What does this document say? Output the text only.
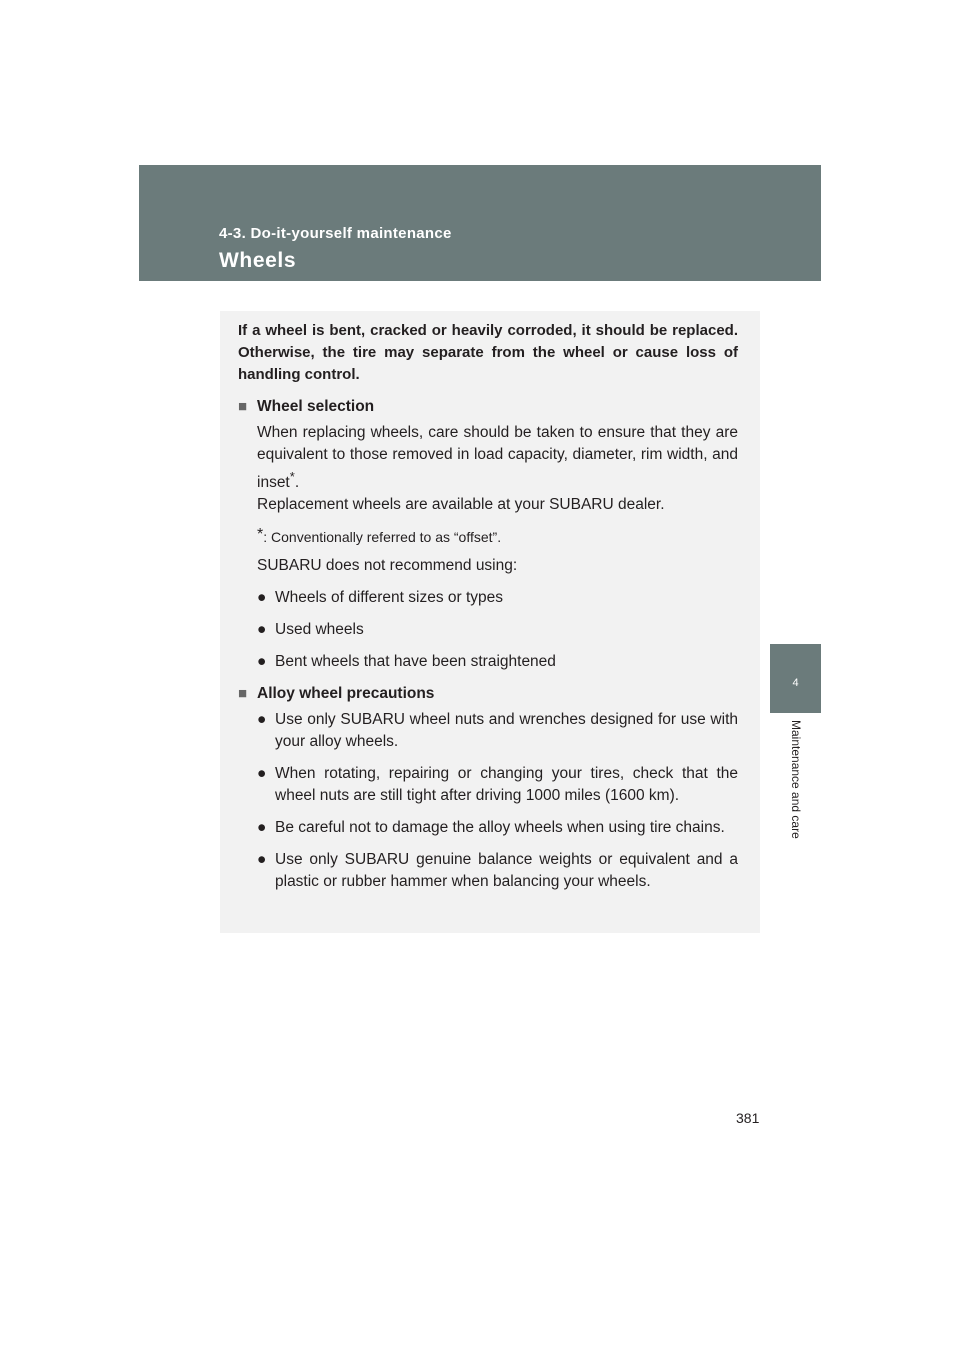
4-3. Do-it-yourself maintenance
Wheels
4
Maintenance and care

If a wheel is bent, cracked or heavily corroded, it should be replaced. Otherwise, the tire may separate from the wheel or cause loss of handling control.

■ Wheel selection
When replacing wheels, care should be taken to ensure that they are equivalent to those removed in load capacity, diameter, rim width, and inset*.
Replacement wheels are available at your SUBARU dealer.
*: Conventionally referred to as “offset”.
SUBARU does not recommend using:
● Wheels of different sizes or types
● Used wheels
● Bent wheels that have been straightened
■ Alloy wheel precautions
● Use only SUBARU wheel nuts and wrenches designed for use with your alloy wheels.
● When rotating, repairing or changing your tires, check that the wheel nuts are still tight after driving 1000 miles (1600 km).
● Be careful not to damage the alloy wheels when using tire chains.
● Use only SUBARU genuine balance weights or equivalent and a plastic or rubber hammer when balancing your wheels.
381
